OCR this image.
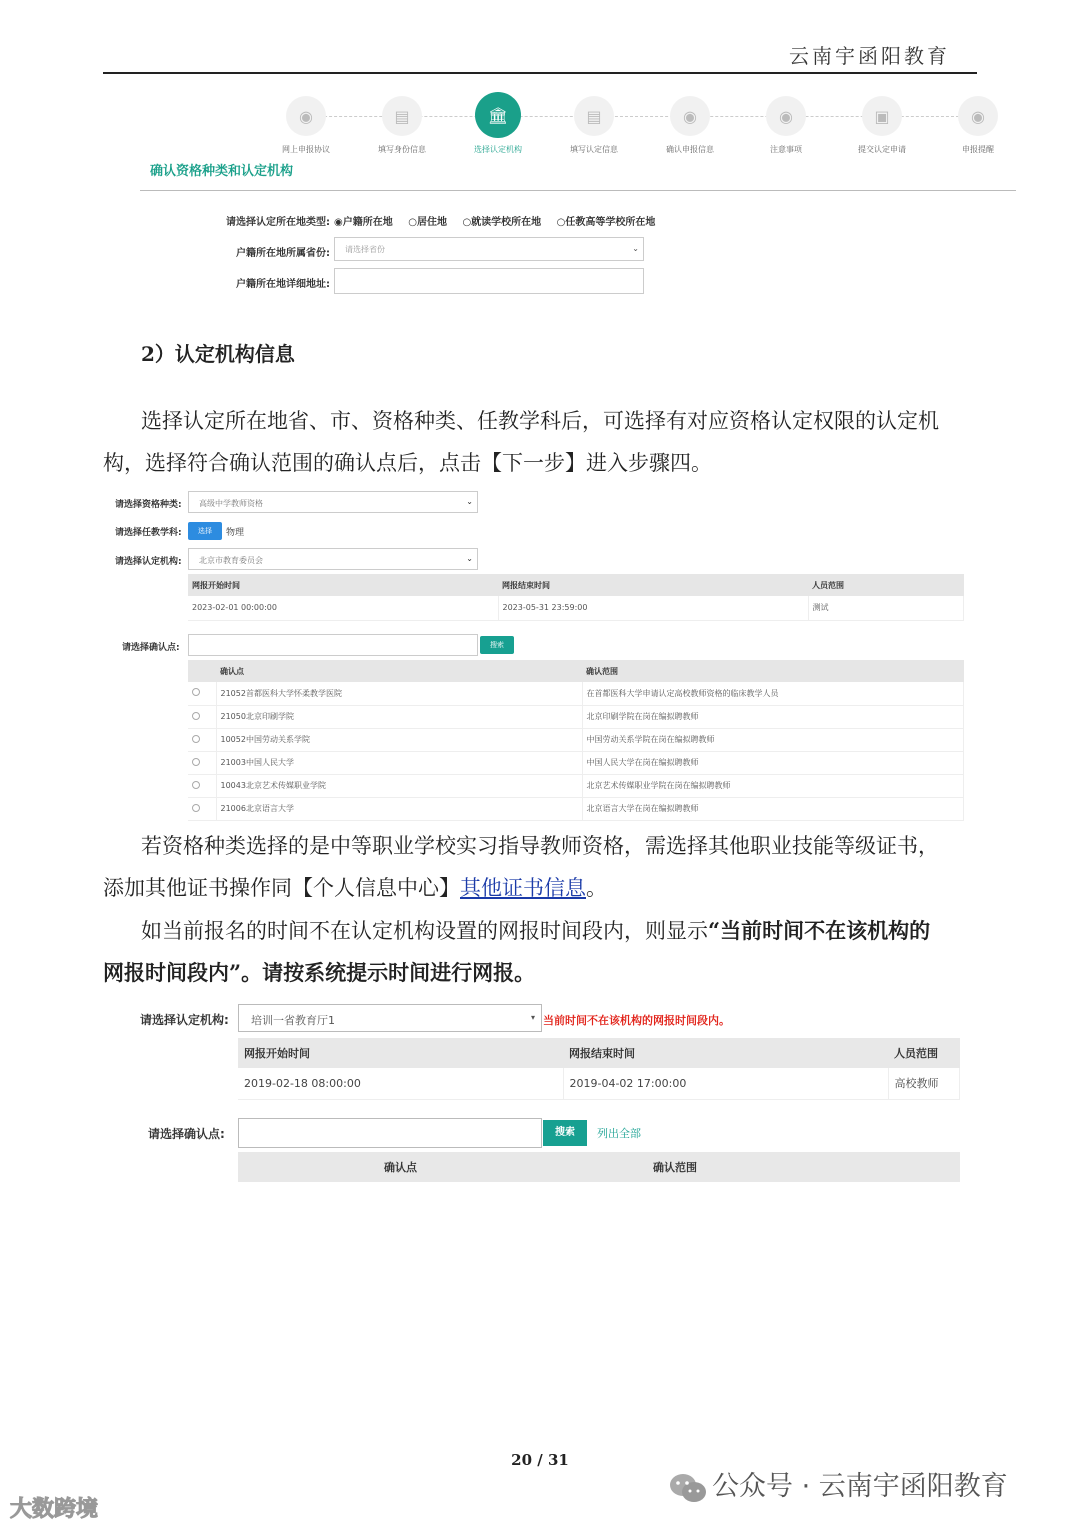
云南宇函阳教育
◉
网上申报协议
▤
填写身份信息
🏛
选择认定机构
▤
填写认定信息
◉
确认申报信息
◉
注意事项
▣
提交认定申请
◉
申报提醒
确认资格种类和认定机构
请选择认定所在地类型: ◉户籍所在地 ○居住地 ○就读学校所在地 ○任教高等学校所在地
户籍所在地所属省份:	请选择省份	⌄
户籍所在地详细地址:
2）认定机构信息
选择认定所在地省、市、资格种类、任教学科后，可选择有对应资格认定权限的认定机
构，选择符合确认范围的确认点后，点击【下一步】进入步骤四。
请选择资格种类:	高级中学教师资格	⌄
请选择任教学科:	选择	物理
请选择认定机构:	北京市教育委员会	⌄
网报开始时间	网报结束时间	人员范围
2023-02-01 00:00:00	2023-05-31 23:59:00	测试
请选择确认点:	搜索
	确认点	确认范围
	21052首都医科大学怀柔教学医院	在首都医科大学申请认定高校教师资格的临床教学人员
	21050北京印刷学院	北京印刷学院在岗在编拟聘教师
	10052中国劳动关系学院	中国劳动关系学院在岗在编拟聘教师
	21003中国人民大学	中国人民大学在岗在编拟聘教师
	10043北京艺术传媒职业学院	北京艺术传媒职业学院在岗在编拟聘教师
	21006北京语言大学	北京语言大学在岗在编拟聘教师
若资格种类选择的是中等职业学校实习指导教师资格，需选择其他职业技能等级证书，
添加其他证书操作同【个人信息中心】其他证书信息。
如当前报名的时间不在认定机构设置的网报时间段内，则显示“当前时间不在该机构的
网报时间段内”。请按系统提示时间进行网报。
请选择认定机构:	培训一省教育厅1	▾ 当前时间不在该机构的网报时间段内。
网报开始时间	网报结束时间	人员范围
2019-02-18 08:00:00	2019-04-02 17:00:00	高校教师
请选择确认点:	搜索	列出全部
确认点	确认范围
20 / 31
大数跨境
公众号 · 云南宇函阳教育
